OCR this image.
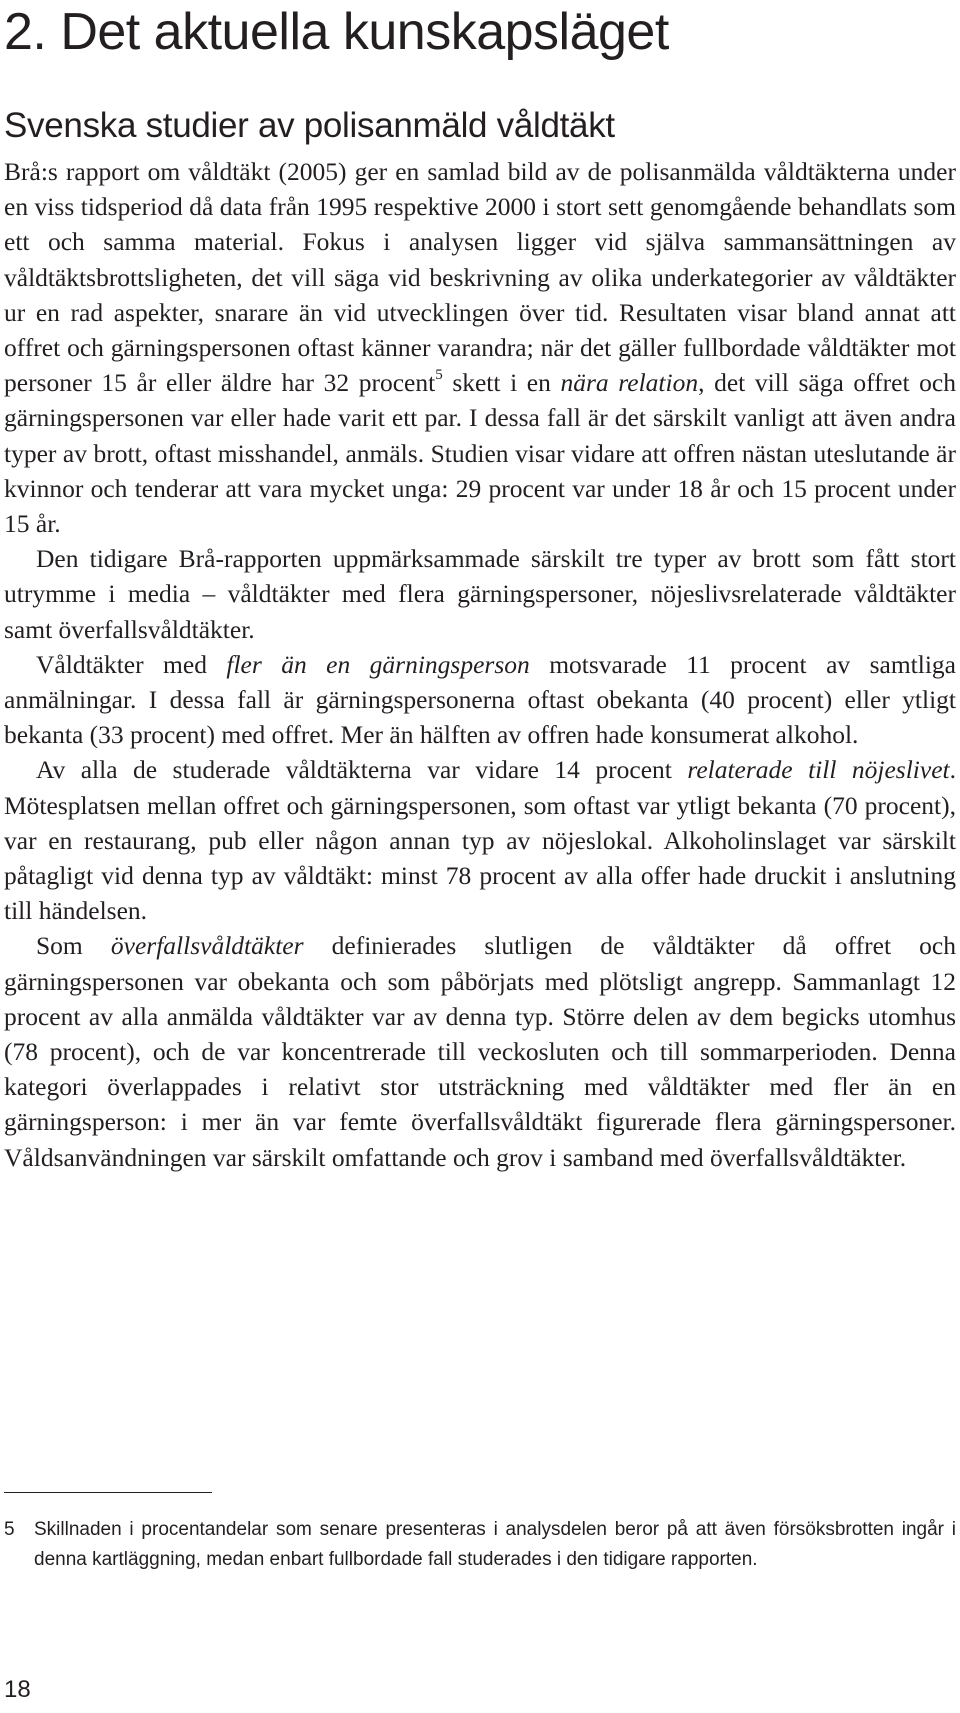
2. Det aktuella kunskapsläget
Svenska studier av polisanmäld våldtäkt

Brå:s rapport om våldtäkt (2005) ger en samlad bild av de polisanmälda våldtäkterna under en viss tidsperiod då data från 1995 respektive 2000 i stort sett genomgående behandlats som ett och samma material. Fokus i analysen ligger vid själva sammansättningen av våldtäktsbrottsligheten, det vill säga vid beskrivning av olika underkategorier av våldtäkter ur en rad aspekter, snarare än vid utvecklingen över tid. Resultaten visar bland annat att offret och gärningspersonen oftast känner varandra; när det gäller fullbordade våldtäkter mot personer 15 år eller äldre har 32 procent$^5$ skett i en nära relation, det vill säga offret och gärningspersonen var eller hade varit ett par. I dessa fall är det särskilt vanligt att även andra typer av brott, oftast misshandel, anmäls. Studien visar vidare att offren nästan uteslutande är kvinnor och tenderar att vara mycket unga: 29 procent var under 18 år och 15 procent under 15 år.

Den tidigare Brå-rapporten uppmärksammade särskilt tre typer av brott som fått stort utrymme i media – våldtäkter med flera gärningspersoner, nöjeslivsrelaterade våldtäkter samt överfallsvåldtäkter.

Våldtäkter med fler än en gärningsperson motsvarade 11 procent av samtliga anmälningar. I dessa fall är gärningspersonerna oftast obekanta (40 procent) eller ytligt bekanta (33 procent) med offret. Mer än hälften av offren hade konsumerat alkohol.

Av alla de studerade våldtäkterna var vidare 14 procent relaterade till nöjeslivet. Mötesplatsen mellan offret och gärningspersonen, som oftast var ytligt bekanta (70 procent), var en restaurang, pub eller någon annan typ av nöjeslokal. Alkoholinslaget var särskilt påtagligt vid denna typ av våldtäkt: minst 78 procent av alla offer hade druckit i anslutning till händelsen.

Som överfallsvåldtäkter definierades slutligen de våldtäkter då offret och gärningspersonen var obekanta och som påbörjats med plötsligt angrepp. Sammanlagt 12 procent av alla anmälda våldtäkter var av denna typ. Större delen av dem begicks utomhus (78 procent), och de var koncentrerade till veckosluten och till sommarperioden. Denna kategori överlappades i relativt stor utsträckning med våldtäkter med fler än en gärningsperson: i mer än var femte överfallsvåldtäkt figurerade flera gärningspersoner. Våldsanvändningen var särskilt omfattande och grov i samband med överfallsvåldtäkter.

5 Skillnaden i procentandelar som senare presenteras i analysdelen beror på att även försöksbrotten ingår i denna kartläggning, medan enbart fullbordade fall studerades i den tidigare rapporten.
18
